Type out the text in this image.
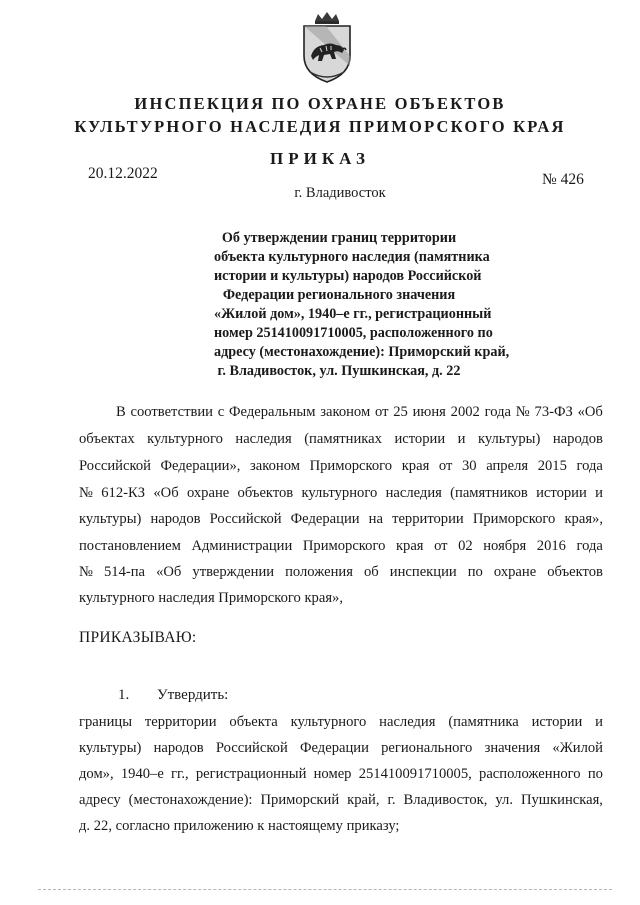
ИНСПЕКЦИЯ ПО ОХРАНЕ ОБЪЕКТОВ
КУЛЬТУРНОГО НАСЛЕДИЯ ПРИМОРСКОГО КРАЯ
ПРИКАЗ
20.12.2022	№ 426
г. Владивосток
Об утверждении границ территории
объекта культурного наследия (памятника
истории и культуры) народов Российской
Федерации регионального значения
«Жилой дом», 1940–е гг., регистрационный
номер 251410091710005, расположенного по
адресу (местонахождение): Приморский край,
г. Владивосток, ул. Пушкинская, д. 22
В соответствии с Федеральным законом от 25 июня 2002 года № 73-ФЗ «Об
объектах культурного наследия (памятниках истории и культуры) народов
Российской Федерации», законом Приморского края от 30 апреля 2015 года
№ 612-КЗ «Об охране объектов культурного наследия (памятников истории и
культуры) народов Российской Федерации на территории Приморского края»,
постановлением Администрации Приморского края от 02 ноября 2016 года
№ 514-па «Об утверждении положения об инспекции по охране объектов
культурного наследия Приморского края»,
ПРИКАЗЫВАЮ:
1. Утвердить:
границы территории объекта культурного наследия (памятника истории и
культуры) народов Российской Федерации регионального значения «Жилой
дом», 1940–е гг., регистрационный номер 251410091710005, расположенного по
адресу (местонахождение): Приморский край, г. Владивосток, ул. Пушкинская,
д. 22, согласно приложению к настоящему приказу;
